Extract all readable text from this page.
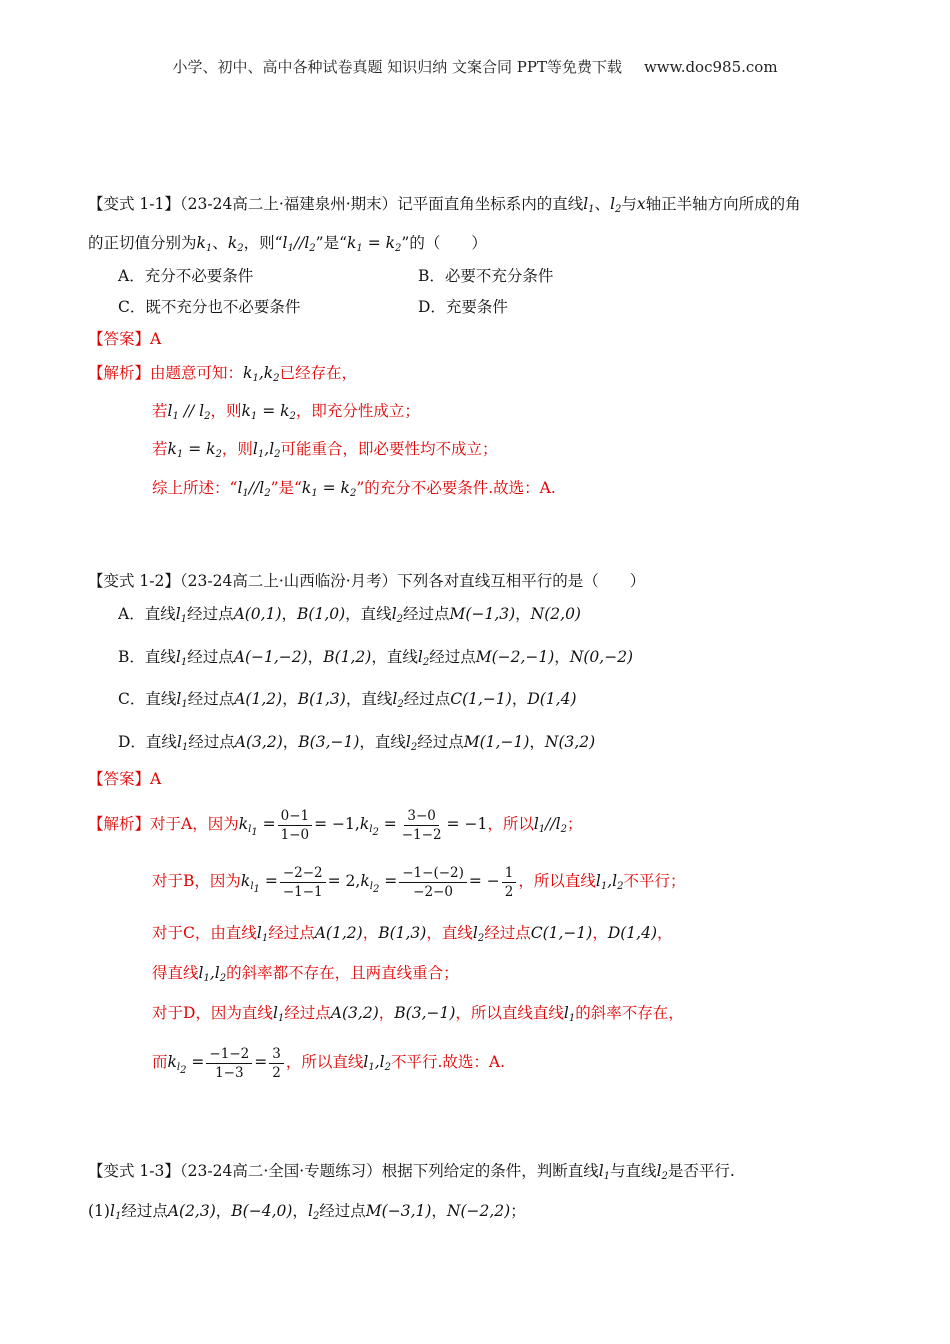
小学、初中、高中各种试卷真题 知识归纳 文案合同 PPT等免费下载 www.doc985.com
【变式 1-1】（23-24高二上·福建泉州·期末）记平面直角坐标系内的直线$l_1$、$l_2$与x轴正半轴方向所成的角
的正切值分别为$k_1$、$k_2$，则“$l_1//l_2$”是“$k_1 = k_2$”的（　　）
A．充分不必要条件	B．必要不充分条件
C．既不充分也不必要条件	D．充要条件
【答案】A
【解析】由题意可知：$k_1,k_2$已经存在，
若$l_1 // l_2$，则$k_1 = k_2$，即充分性成立；
若$k_1 = k_2$，则$l_1,l_2$可能重合，即必要性均不成立；
综上所述：“$l_1//l_2$”是“$k_1 = k_2$”的充分不必要条件.故选：A.
【变式 1-2】（23-24高二上·山西临汾·月考）下列各对直线互相平行的是（　　）
A．直线$l_1$经过点A(0,1)，B(1,0)，直线$l_2$经过点M(−1,3)，N(2,0)
B．直线$l_1$经过点A(−1,−2)，B(1,2)，直线$l_2$经过点M(−2,−1)，N(0,−2)
C．直线$l_1$经过点A(1,2)，B(1,3)，直线$l_2$经过点C(1,−1)，D(1,4)
D．直线$l_1$经过点A(3,2)，B(3,−1)，直线$l_2$经过点M(1,−1)，N(3,2)
【答案】A
【解析】对于A，因为$k_{l_1} = \frac{0-1}{1-0} = -1,k_{l_2} = \frac{3-0}{-1-2} = -1$，所以$l_1//l_2$；
对于B，因为$k_{l_1} = \frac{-2-2}{-1-1} = 2,k_{l_2} = \frac{-1-(-2)}{-2-0}$ = − $\frac{1}{2}$ ，所以直线$l_1,l_2$不平行；
对于C，由直线$l_1$经过点A(1,2)，B(1,3)，直线$l_2$经过点C(1,−1)，D(1,4)，
得直线$l_1,l_2$的斜率都不存在，且两直线重合；
对于D，因为直线$l_1$经过点A(3,2)，B(3,−1)，所以直线直线$l_1$的斜率不存在，
而$k_{l_2} = \frac{-1-2}{1-3} = \frac{3}{2}$ ，所以直线$l_1,l_2$不平行.故选：A.
【变式 1-3】（23-24高二·全国·专题练习）根据下列给定的条件，判断直线$l_1$与直线$l_2$是否平行.
$(1)l_1$经过点A(2,3)，B(−4,0)，$l_2$经过点M(−3,1)，N(−2,2)；
